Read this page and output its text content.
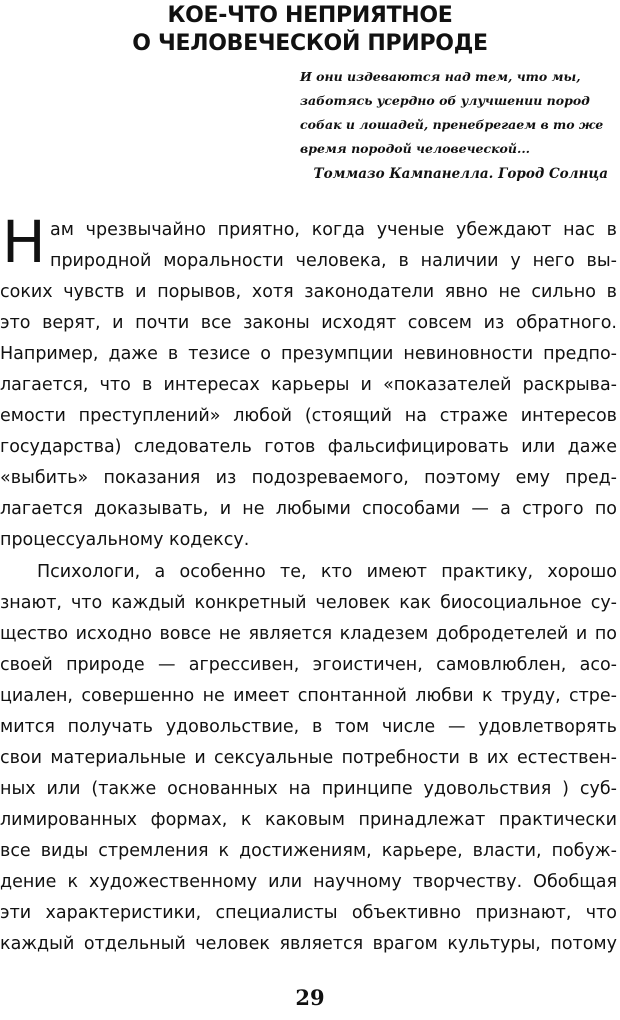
КОЕ-ЧТО НЕПРИЯТНОЕ
О ЧЕЛОВЕЧЕСКОЙ ПРИРОДЕ
И они издеваются над тем, что мы,
заботясь усердно об улучшении пород
собак и лошадей, пренебрегаем в то же
время породой человеческой...
Томмазо Кампанелла. Город Солнца
Н ам чрезвычайно приятно, когда ученые убеждают нас в
природной моральности человека, в наличии у него вы-
соких чувств и порывов, хотя законодатели явно не сильно в
это верят, и почти все законы исходят совсем из обратного.
Например, даже в тезисе о презумпции невиновности предпо-
лагается, что в интересах карьеры и «показателей раскрыва-
емости преступлений» любой (стоящий на страже интересов
государства) следователь готов фальсифицировать или даже
«выбить» показания из подозреваемого, поэтому ему пред-
лагается доказывать, и не любыми способами — а строго по
процессуальному кодексу.
Психологи, а особенно те, кто имеют практику, хорошо
знают, что каждый конкретный человек как биосоциальное су-
щество исходно вовсе не является кладезем добродетелей и по
своей природе — агрессивен, эгоистичен, самовлюблен, асо-
циален, совершенно не имеет спонтанной любви к труду, стре-
мится получать удовольствие, в том числе — удовлетворять
свои материальные и сексуальные потребности в их естествен-
ных или (также основанных на принципе удовольствия ) суб-
лимированных формах, к каковым принадлежат практически
все виды стремления к достижениям, карьере, власти, побуж-
дение к художественному или научному творчеству. Обобщая
эти характеристики, специалисты объективно признают, что
каждый отдельный человек является врагом культуры, потому
29
